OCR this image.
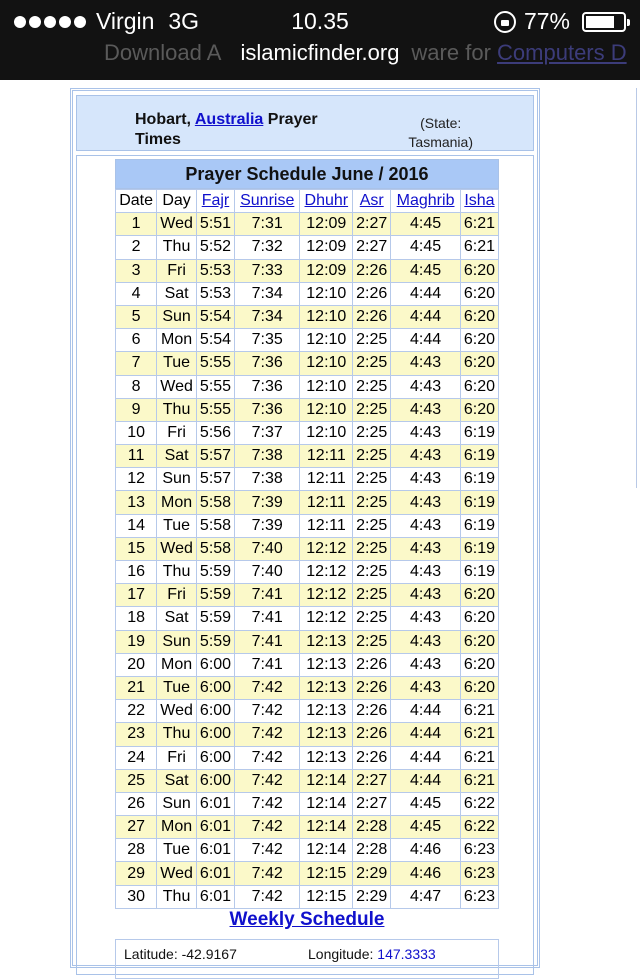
Virgin 3G	10.35	77%
Download A	ware for Computers D
islamicfinder.org
Hobart, Australia Prayer Times
(State:
Tasmania)
Prayer Schedule June / 2016
Date	Day	Fajr	Sunrise	Dhuhr	Asr	Maghrib	Isha
1	Wed	5:51	7:31	12:09	2:27	4:45	6:21
2	Thu	5:52	7:32	12:09	2:27	4:45	6:21
3	Fri	5:53	7:33	12:09	2:26	4:45	6:20
4	Sat	5:53	7:34	12:10	2:26	4:44	6:20
5	Sun	5:54	7:34	12:10	2:26	4:44	6:20
6	Mon	5:54	7:35	12:10	2:25	4:44	6:20
7	Tue	5:55	7:36	12:10	2:25	4:43	6:20
8	Wed	5:55	7:36	12:10	2:25	4:43	6:20
9	Thu	5:55	7:36	12:10	2:25	4:43	6:20
10	Fri	5:56	7:37	12:10	2:25	4:43	6:19
11	Sat	5:57	7:38	12:11	2:25	4:43	6:19
12	Sun	5:57	7:38	12:11	2:25	4:43	6:19
13	Mon	5:58	7:39	12:11	2:25	4:43	6:19
14	Tue	5:58	7:39	12:11	2:25	4:43	6:19
15	Wed	5:58	7:40	12:12	2:25	4:43	6:19
16	Thu	5:59	7:40	12:12	2:25	4:43	6:19
17	Fri	5:59	7:41	12:12	2:25	4:43	6:20
18	Sat	5:59	7:41	12:12	2:25	4:43	6:20
19	Sun	5:59	7:41	12:13	2:25	4:43	6:20
20	Mon	6:00	7:41	12:13	2:26	4:43	6:20
21	Tue	6:00	7:42	12:13	2:26	4:43	6:20
22	Wed	6:00	7:42	12:13	2:26	4:44	6:21
23	Thu	6:00	7:42	12:13	2:26	4:44	6:21
24	Fri	6:00	7:42	12:13	2:26	4:44	6:21
25	Sat	6:00	7:42	12:14	2:27	4:44	6:21
26	Sun	6:01	7:42	12:14	2:27	4:45	6:22
27	Mon	6:01	7:42	12:14	2:28	4:45	6:22
28	Tue	6:01	7:42	12:14	2:28	4:46	6:23
29	Wed	6:01	7:42	12:15	2:29	4:46	6:23
30	Thu	6:01	7:42	12:15	2:29	4:47	6:23
Weekly Schedule
Latitude: -42.9167	Longitude: 147.3333
